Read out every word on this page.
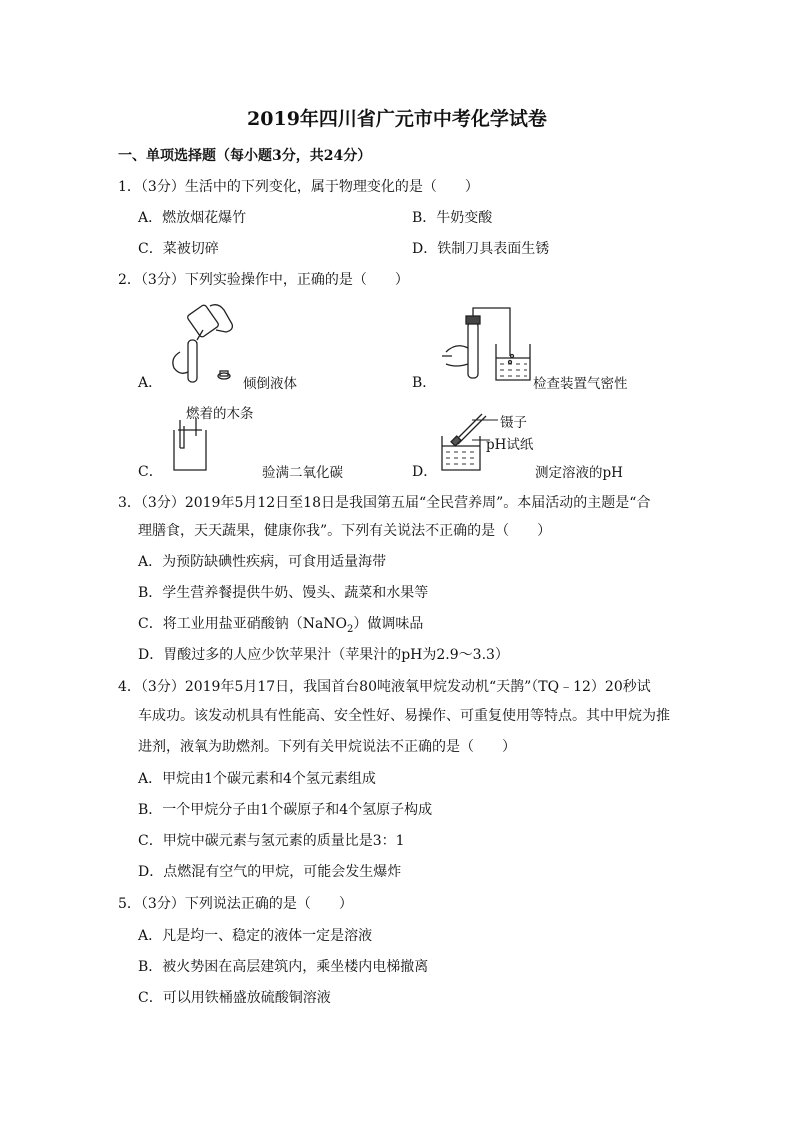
2019年四川省广元市中考化学试卷
一、单项选择题（每小题3分，共24分）
1．（3分）生活中的下列变化，属于物理变化的是（　　）
A．燃放烟花爆竹	B．牛奶变酸
C．菜被切碎	D．铁制刀具表面生锈
2．（3分）下列实验操作中，正确的是（　　）
A．	倾倒液体	B．	检查装置气密性
燃着的木条
C．	验满二氧化碳
镊子
pH试纸
D．	测定溶液的pH
3．（3分）2019年5月12日至18日是我国第五届“全民营养周”。本届活动的主题是“合
理膳食，天天蔬果，健康你我”。下列有关说法不正确的是（　　）
A．为预防缺碘性疾病，可食用适量海带
B．学生营养餐提供牛奶、馒头、蔬菜和水果等
C．将工业用盐亚硝酸钠（NaNO$_2$）做调味品
D．胃酸过多的人应少饮苹果汁（苹果汁的pH为2.9～3.3）
4．（3分）2019年5月17日，我国首台80吨液氧甲烷发动机“天鹊”（TQ﹣12）20秒试
车成功。该发动机具有性能高、安全性好、易操作、可重复使用等特点。其中甲烷为推
进剂，液氧为助燃剂。下列有关甲烷说法不正确的是（　　）
A．甲烷由1个碳元素和4个氢元素组成
B．一个甲烷分子由1个碳原子和4个氢原子构成
C．甲烷中碳元素与氢元素的质量比是3：1
D．点燃混有空气的甲烷，可能会发生爆炸
5．（3分）下列说法正确的是（　　）
A．凡是均一、稳定的液体一定是溶液
B．被火势困在高层建筑内，乘坐楼内电梯撤离
C．可以用铁桶盛放硫酸铜溶液
